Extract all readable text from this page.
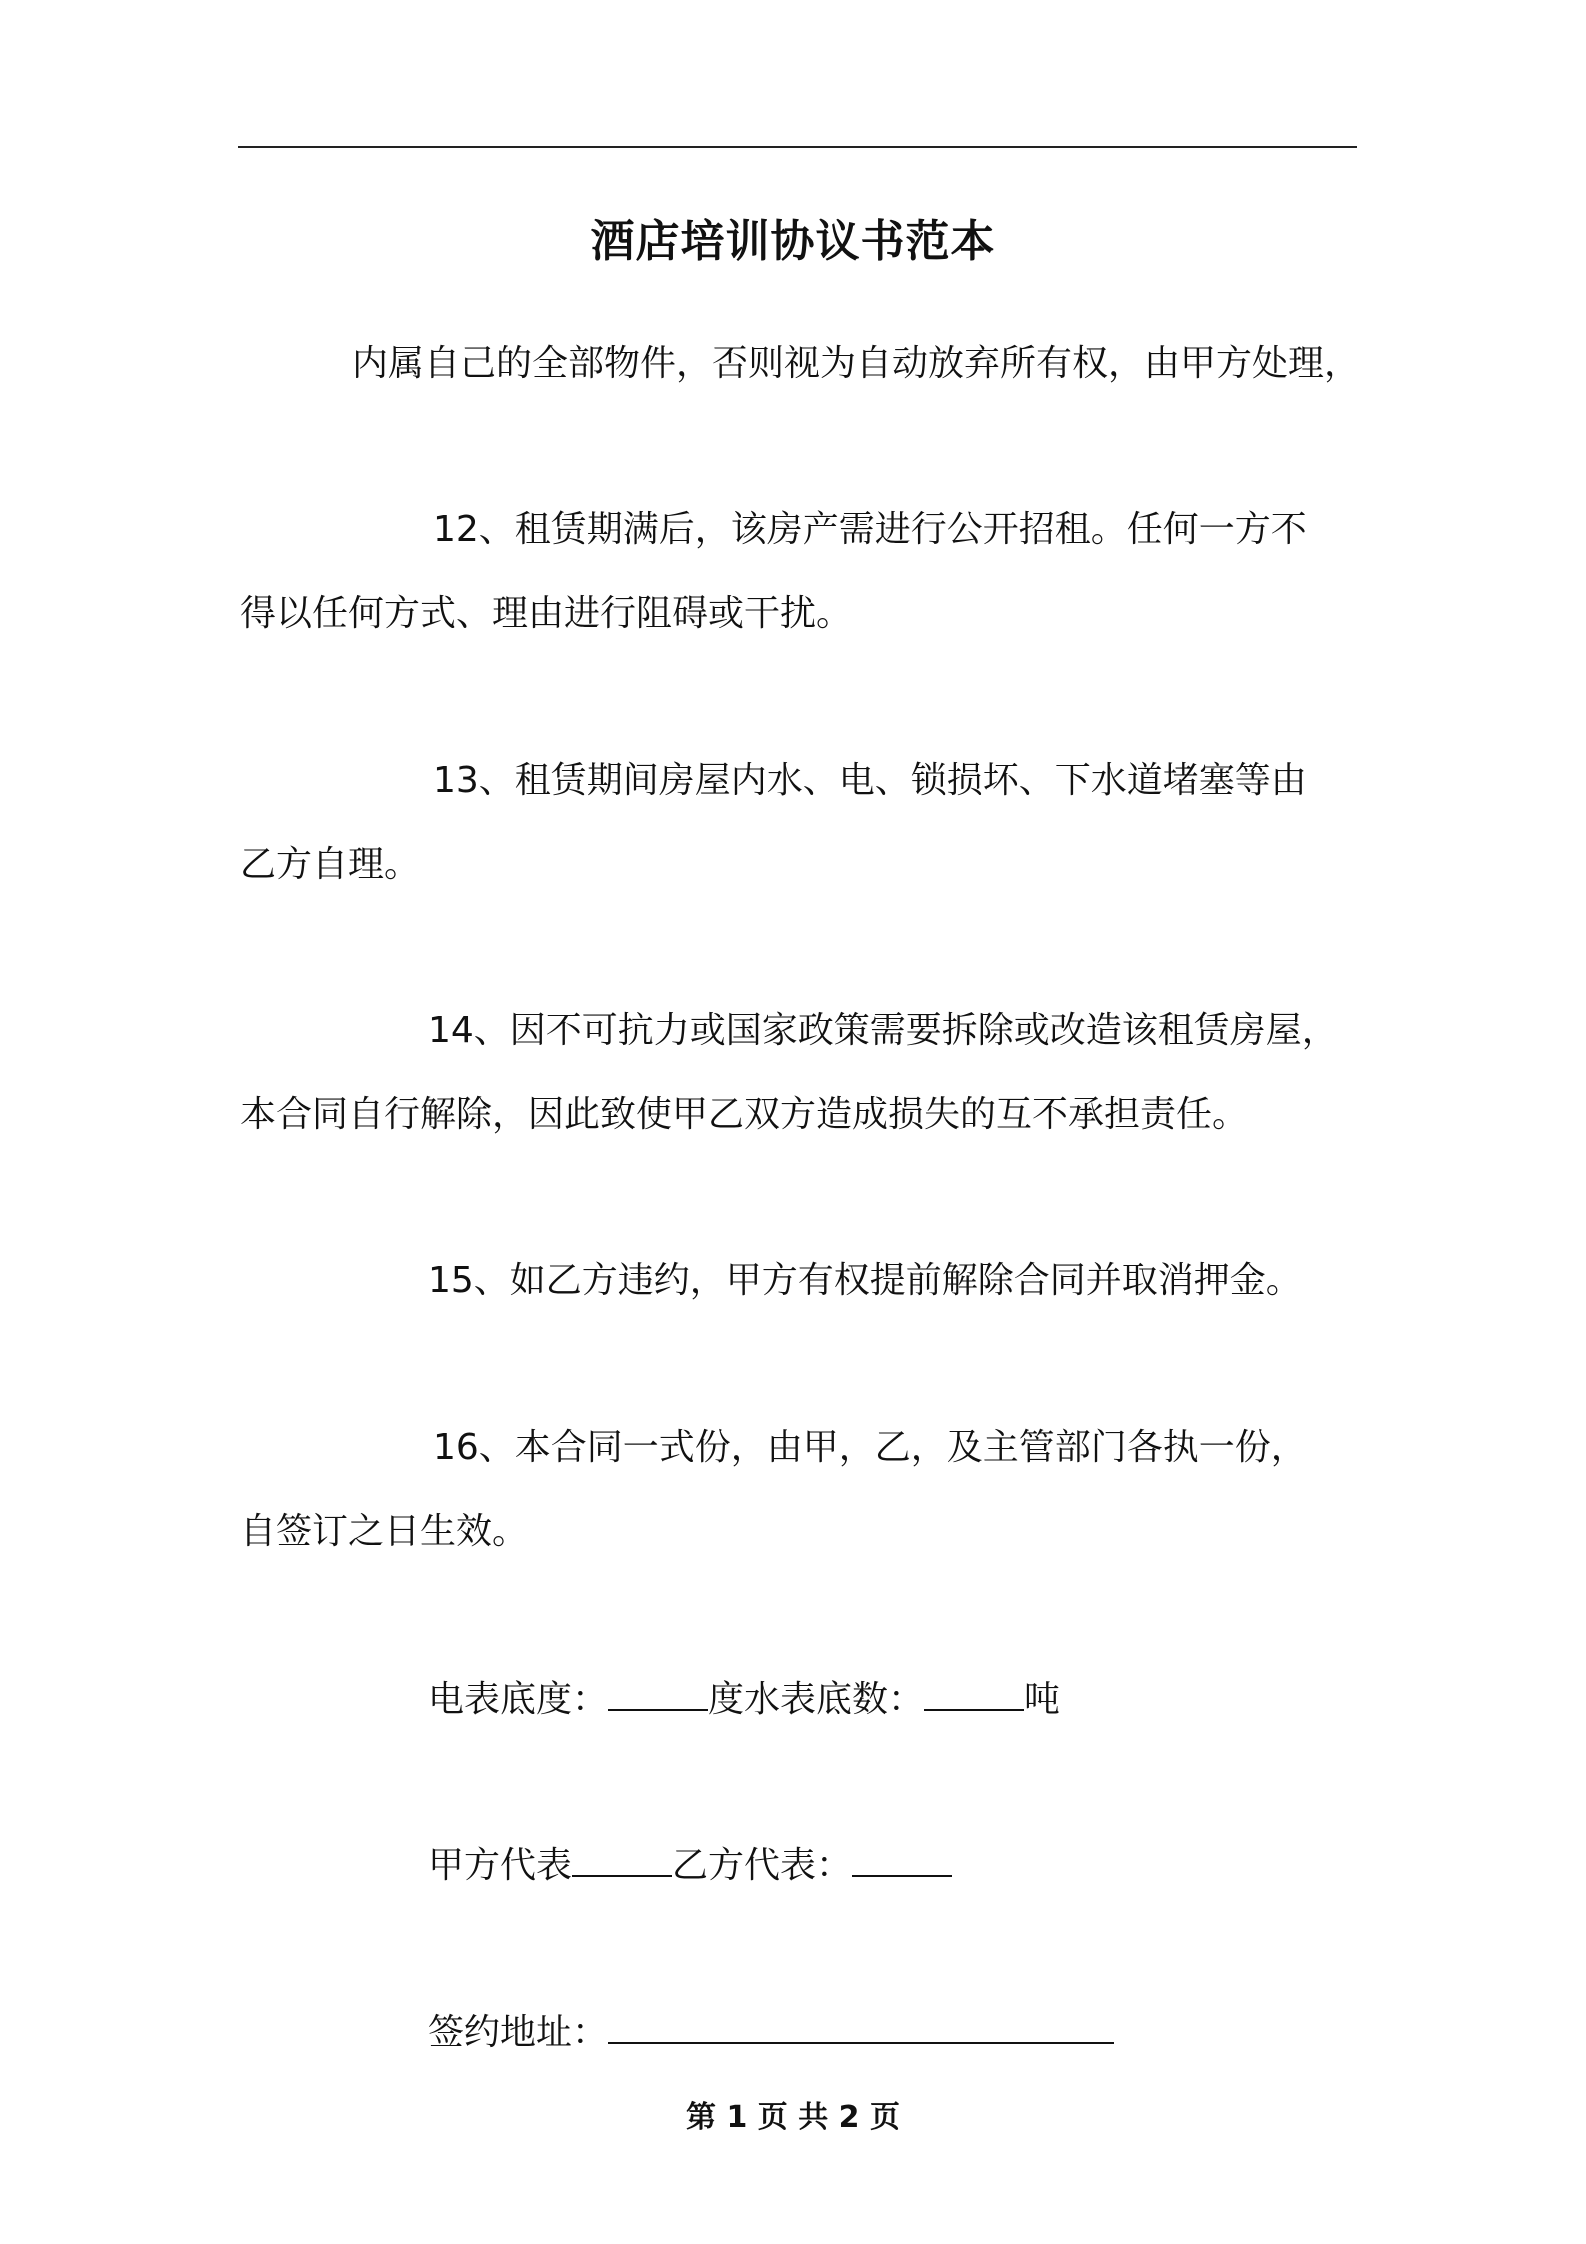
酒店培训协议书范本
内属自己的全部物件，否则视为自动放弃所有权，由甲方处理，
12、租赁期满后，该房产需进行公开招租。任何一方不
得以任何方式、理由进行阻碍或干扰。
13、租赁期间房屋内水、电、锁损坏、下水道堵塞等由
乙方自理。
14、因不可抗力或国家政策需要拆除或改造该租赁房屋，
本合同自行解除，因此致使甲乙双方造成损失的互不承担责任。
15、如乙方违约，甲方有权提前解除合同并取消押金。
16、本合同一式份，由甲，乙，及主管部门各执一份，
自签订之日生效。
电表底度：	度水表底数：	吨
甲方代表	乙方代表：
签约地址：
第 1 页 共 2 页
